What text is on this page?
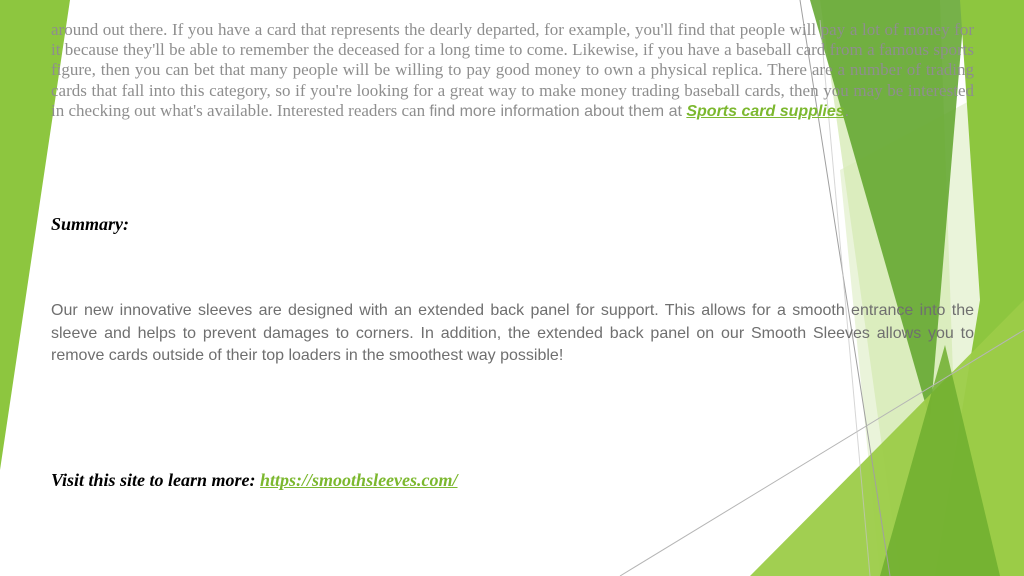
around out there. If you have a card that represents the dearly departed, for example, you'll find that people will pay a lot of money for it because they'll be able to remember the deceased for a long time to come. Likewise, if you have a baseball card from a famous sports figure, then you can bet that many people will be willing to pay good money to own a physical replica. There are a number of trading cards that fall into this category, so if you're looking for a great way to make money trading baseball cards, then you may be interested in checking out what's available. Interested readers can find more information about them at Sports card supplies.
Summary:
Our new innovative sleeves are designed with an extended back panel for support. This allows for a smooth entrance into the sleeve and helps to prevent damages to corners. In addition, the extended back panel on our Smooth Sleeves allows you to remove cards outside of their top loaders in the smoothest way possible!
Visit this site to learn more: https://smoothsleeves.com/
